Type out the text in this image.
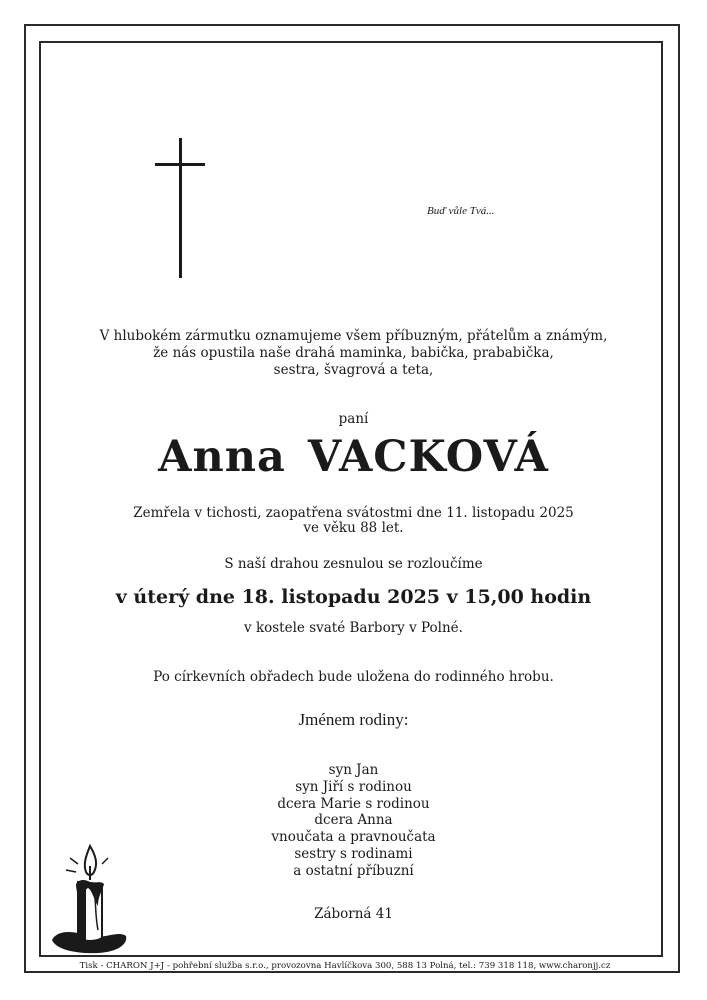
Buď vůle Tvá...
V hlubokém zármutku oznamujeme všem příbuzným, přátelům a známým,
že nás opustila naše drahá maminka, babička, prababička,
sestra, švagrová a teta,
paní
Anna VACKOVÁ
Zemřela v tichosti, zaopatřena svátostmi dne 11. listopadu 2025
ve věku 88 let.
S naší drahou zesnulou se rozloučíme
v úterý dne 18. listopadu 2025 v 15,00 hodin
v kostele svaté Barbory v Polné.
Po církevních obřadech bude uložena do rodinného hrobu.
Jménem rodiny:
syn Jan
syn Jiří s rodinou
dcera Marie s rodinou
dcera Anna
vnoučata a pravnoučata
sestry s rodinami
a ostatní příbuzní
Záborná 41
Tisk - CHARON J+J - pohřební služba s.r.o., provozovna Havlíčkova 300, 588 13 Polná, tel.: 739 318 118, www.charonjj.cz
